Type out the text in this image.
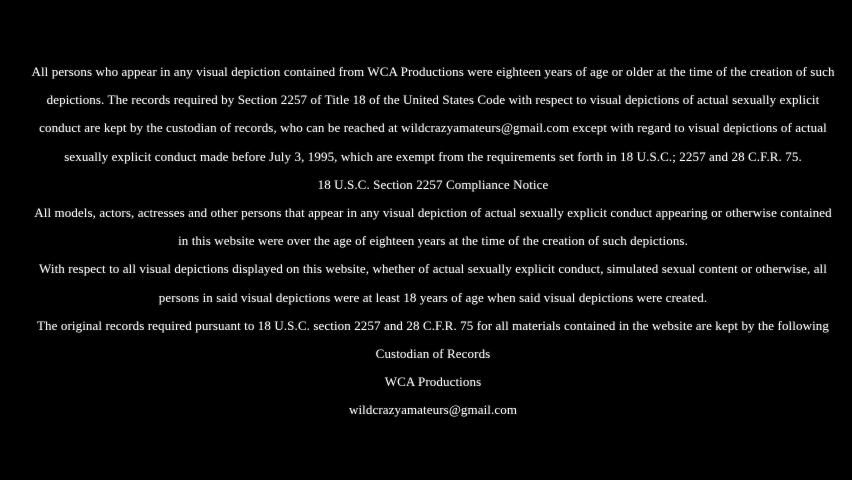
All persons who appear in any visual depiction contained from WCA Productions were eighteen years of age or older at the time of the creation of such
depictions. The records required by Section 2257 of Title 18 of the United States Code with respect to visual depictions of actual sexually explicit
conduct are kept by the custodian of records, who can be reached at wildcrazyamateurs@gmail.com except with regard to visual depictions of actual
sexually explicit conduct made before July 3, 1995, which are exempt from the requirements set forth in 18 U.S.C.; 2257 and 28 C.F.R. 75.
18 U.S.C. Section 2257 Compliance Notice
All models, actors, actresses and other persons that appear in any visual depiction of actual sexually explicit conduct appearing or otherwise contained
in this website were over the age of eighteen years at the time of the creation of such depictions.
With respect to all visual depictions displayed on this website, whether of actual sexually explicit conduct, simulated sexual content or otherwise, all
persons in said visual depictions were at least 18 years of age when said visual depictions were created.
The original records required pursuant to 18 U.S.C. section 2257 and 28 C.F.R. 75 for all materials contained in the website are kept by the following
Custodian of Records
WCA Productions
wildcrazyamateurs@gmail.com
